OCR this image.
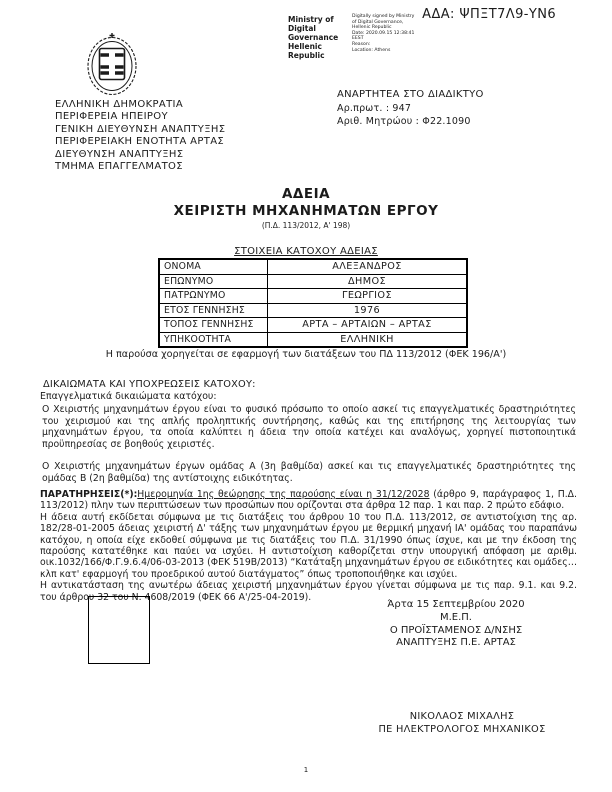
ΑΔΑ: ΨΠΞΤ7Λ9-ΥΝ6
Ministry of Digital Governance Hellenic Republic
Digitally signed by Ministry
of Digital Governance,
Hellenic Republic
Date: 2020.09.15 12:38:41
EEST
Reason:
Location: Athens
ΕΛΛΗΝΙΚΗ ΔΗΜΟΚΡΑΤΙΑ
ΠΕΡΙΦΕΡΕΙΑ ΗΠΕΙΡΟΥ
ΓΕΝΙΚΗ ΔΙΕΥΘΥΝΣΗ ΑΝΑΠΤΥΞΗΣ
ΠΕΡΙΦΕΡΕΙΑΚΗ ΕΝΟΤΗΤΑ ΑΡΤΑΣ
ΔΙΕΥΘΥΝΣΗ ΑΝΑΠΤΥΞΗΣ
ΤΜΗΜΑ ΕΠΑΓΓΕΛΜΑΤΟΣ
ΑΝΑΡΤΗΤΕΑ ΣΤΟ ΔΙΑΔΙΚΤΥΟ
Αρ.πρωτ. : 947
Αριθ. Μητρώου : Φ22.1090
ΑΔΕΙΑ
ΧΕΙΡΙΣΤΗ ΜΗΧΑΝΗΜΑΤΩΝ ΕΡΓΟΥ
(Π.Δ. 113/2012, Α' 198)
ΣΤΟΙΧΕΙΑ ΚΑΤΟΧΟΥ ΑΔΕΙΑΣ
ΟΝΟΜΑ	ΑΛΕΞΑΝΔΡΟΣ
ΕΠΩΝΥΜΟ	ΔΗΜΟΣ
ΠΑΤΡΩΝΥΜΟ	ΓΕΩΡΓΙΟΣ
ΕΤΟΣ ΓΕΝΝΗΣΗΣ	1976
ΤΟΠΟΣ ΓΕΝΝΗΣΗΣ	ΑΡΤΑ – ΑΡΤΑΙΩΝ – ΑΡΤΑΣ
ΥΠΗΚΟΟΤΗΤΑ	ΕΛΛΗΝΙΚΗ
Η παρούσα χορηγείται σε εφαρμογή των διατάξεων του ΠΔ 113/2012 (ΦΕΚ 196/Α')
ΔΙΚΑΙΩΜΑΤΑ ΚΑΙ ΥΠΟΧΡΕΩΣΕΙΣ ΚΑΤΟΧΟΥ:
Επαγγελματικά δικαιώματα κατόχου:

Ο Χειριστής μηχανημάτων έργου είναι το φυσικό πρόσωπο το οποίο ασκεί τις επαγγελματικές δραστηριότητες του χειρισμού και της απλής προληπτικής συντήρησης, καθώς και της επιτήρησης της λειτουργίας των μηχανημάτων έργου, τα οποία καλύπτει η άδεια την οποία κατέχει και αναλόγως, χορηγεί πιστοποιητικά προϋπηρεσίας σε βοηθούς χειριστές.

Ο Χειριστής μηχανημάτων έργων ομάδας Α (3η βαθμίδα) ασκεί και τις επαγγελματικές δραστηριότητες της ομάδας Β (2η βαθμίδα) της αντίστοιχης ειδικότητας.

ΠΑΡΑΤΗΡΗΣΕΙΣ(*):Ημερομηνία 1ης θεώρησης της παρούσης είναι η 31/12/2028 (άρθρο 9, παράγραφος 1, Π.Δ. 113/2012) πλην των περιπτώσεων των προσώπων που ορίζονται στα άρθρα 12 παρ. 1 και παρ. 2 πρώτο εδάφιο.

Η άδεια αυτή εκδίδεται σύμφωνα με τις διατάξεις του άρθρου 10 του Π.Δ. 113/2012, σε αντιστοίχιση της αρ. 182/28-01-2005 άδειας χειριστή Δ' τάξης των μηχανημάτων έργου με θερμική μηχανή ΙΑ' ομάδας του παραπάνω κατόχου, η οποία είχε εκδοθεί σύμφωνα με τις διατάξεις του Π.Δ. 31/1990 όπως ίσχυε, και με την έκδοση της παρούσης κατατέθηκε και παύει να ισχύει. Η αντιστοίχιση καθορίζεται στην υπουργική απόφαση με αριθμ. οικ.1032/166/Φ.Γ.9.6.4/06-03-2013 (ΦΕΚ 519Β/2013) “Κατάταξη μηχανημάτων έργου σε ειδικότητες και ομάδες…κλπ κατ' εφαρμογή του προεδρικού αυτού διατάγματος” όπως τροποποιήθηκε και ισχύει.

Η αντικατάσταση της ανωτέρω άδειας χειριστή μηχανημάτων έργου γίνεται σύμφωνα με τις παρ. 9.1. και 9.2. του άρθρου 32 του Ν. 4608/2019 (ΦΕΚ 66 Α'/25-04-2019).

Άρτα 15 Σεπτεμβρίου 2020
Μ.Ε.Π.
Ο ΠΡΟΪΣΤΑΜΕΝΟΣ Δ/ΝΣΗΣ
ΑΝΑΠΤΥΞΗΣ Π.Ε. ΑΡΤΑΣ
ΝΙΚΟΛΑΟΣ ΜΙΧΑΛΗΣ
ΠΕ ΗΛΕΚΤΡΟΛΟΓΟΣ ΜΗΧΑΝΙΚΟΣ
1
